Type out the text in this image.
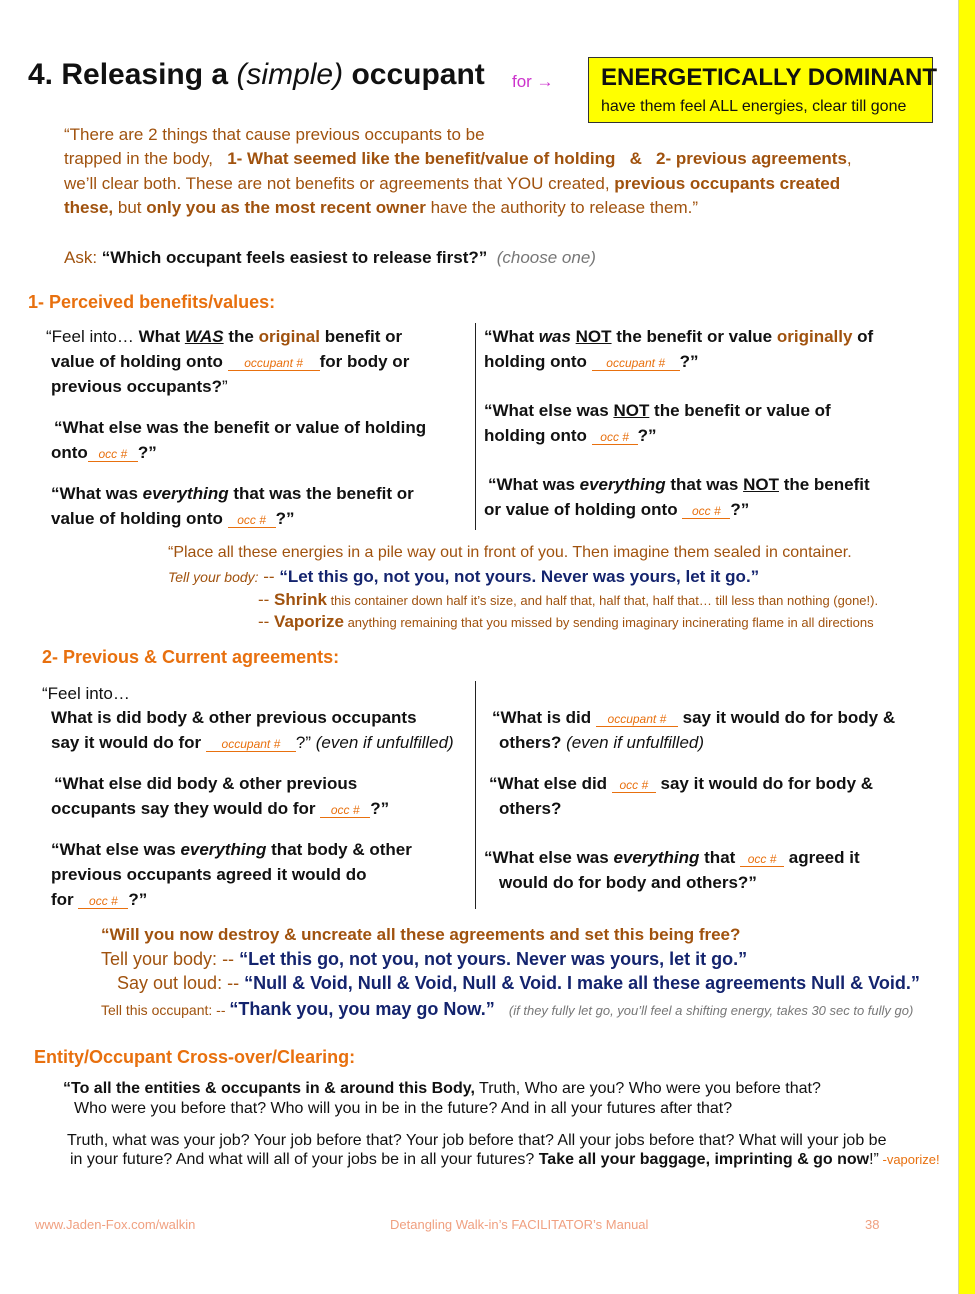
4. Releasing a (simple) occupant for → ENERGETICALLY DOMINANT
have them feel ALL energies, clear till gone
“There are 2 things that cause previous occupants to be
trapped in the body, 1- What seemed like the benefit/value of holding & 2- previous agreements,
we’ll clear both. These are not benefits or agreements that YOU created, previous occupants created
these, but only you as the most recent owner have the authority to release them.”
Ask: “Which occupant feels easiest to release first?” (choose one)
1- Perceived benefits/values:
“Feel into… What WAS the original benefit or
value of holding onto occupant # for body or
previous occupants?”
“What else was the benefit or value of holding
onto occ # ?”
“What was everything that was the benefit or
value of holding onto occ # ?”
“What was NOT the benefit or value originally of
holding onto occupant # ?”
“What else was NOT the benefit or value of
holding onto occ # ?”
“What was everything that was NOT the benefit
or value of holding onto occ # ?”
“Place all these energies in a pile way out in front of you. Then imagine them sealed in container.
Tell your body: -- “Let this go, not you, not yours. Never was yours, let it go.”
-- Shrink this container down half it’s size, and half that, half that, half that… till less than nothing (gone!).
-- Vaporize anything remaining that you missed by sending imaginary incinerating flame in all directions
2- Previous & Current agreements:
“Feel into…
What is did body & other previous occupants
say it would do for occupant # ?” (even if unfulfilled)
“What else did body & other previous
occupants say they would do for occ # ?”
“What else was everything that body & other
previous occupants agreed it would do
for occ # ?”
“What is did occupant # say it would do for body &
others? (even if unfulfilled)
“What else did occ # say it would do for body &
others?
“What else was everything that occ # agreed it
would do for body and others?”
“Will you now destroy & uncreate all these agreements and set this being free?
Tell your body: -- “Let this go, not you, not yours. Never was yours, let it go.”
Say out loud: -- “Null & Void, Null & Void, Null & Void. I make all these agreements Null & Void.”
Tell this occupant: -- “Thank you, you may go Now.” (if they fully let go, you’ll feel a shifting energy, takes 30 sec to fully go)
Entity/Occupant Cross-over/Clearing:
“To all the entities & occupants in & around this Body, Truth, Who are you? Who were you before that?
Who were you before that? Who will you in be in the future? And in all your futures after that?
Truth, what was your job? Your job before that? Your job before that? All your jobs before that? What will your job be
in your future? And what will all of your jobs be in all your futures? Take all your baggage, imprinting & go now!” -vaporize!
www.Jaden-Fox.com/walkin	Detangling Walk-in’s FACILITATOR’s Manual	38
